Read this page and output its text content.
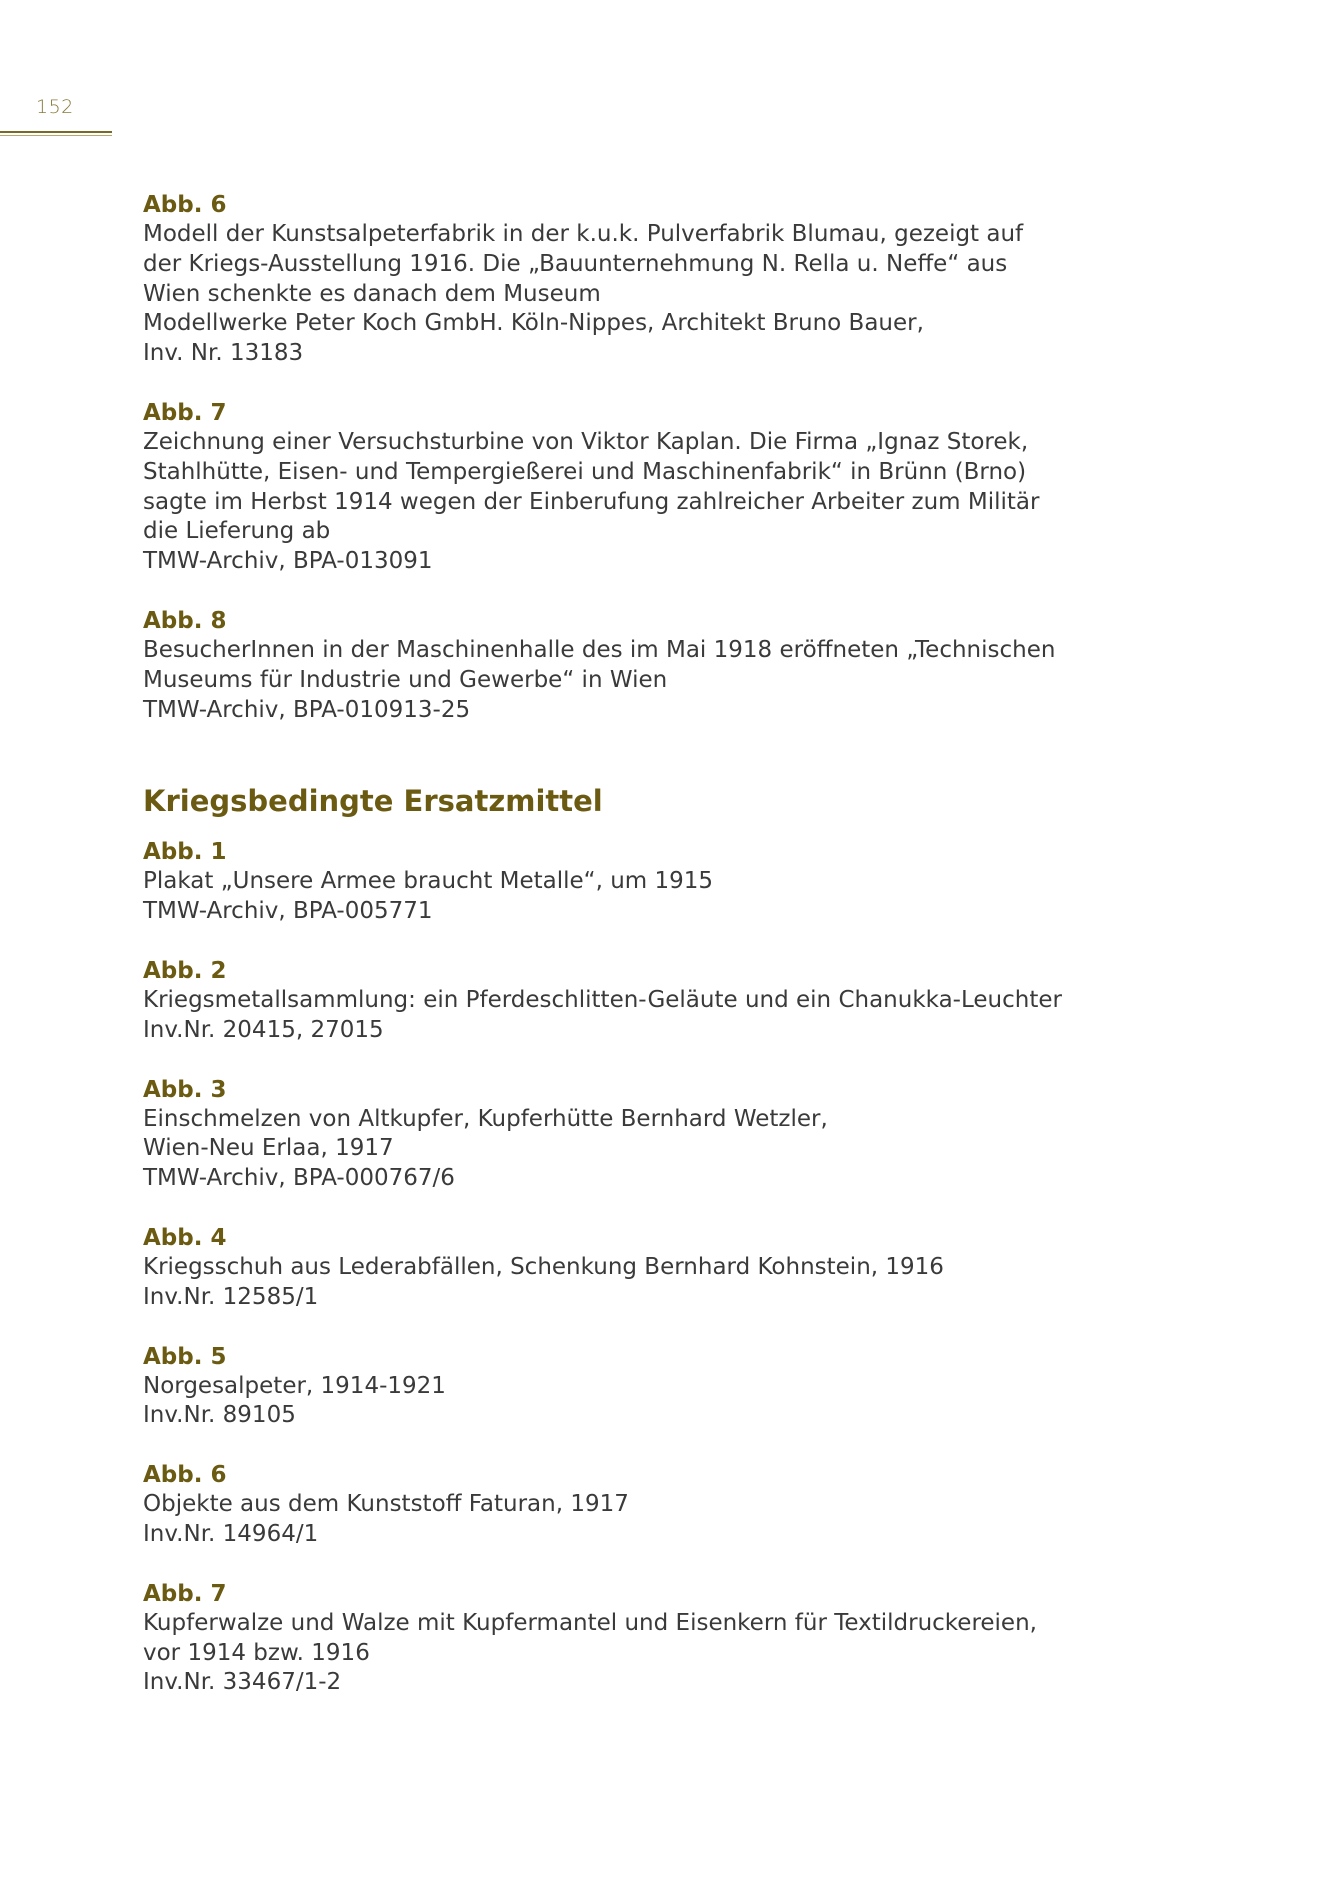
152

Abb. 6

Modell der Kunstsalpeterfabrik in der k.u.k. Pulverfabrik Blumau, gezeigt auf
der Kriegs-Ausstellung 1916. Die „Bauunternehmung N. Rella u. Neffe“ aus
Wien schenkte es danach dem Museum
Modellwerke Peter Koch GmbH. Köln-Nippes, Architekt Bruno Bauer,
Inv. Nr. 13183

Abb. 7

Zeichnung einer Versuchsturbine von Viktor Kaplan. Die Firma „Ignaz Storek,
Stahlhütte, Eisen- und Tempergießerei und Maschinenfabrik“ in Brünn (Brno)
sagte im Herbst 1914 wegen der Einberufung zahlreicher Arbeiter zum Militär
die Lieferung ab
TMW-Archiv, BPA-013091

Abb. 8

BesucherInnen in der Maschinenhalle des im Mai 1918 eröffneten „Technischen
Museums für Industrie und Gewerbe“ in Wien
TMW-Archiv, BPA-010913-25

Kriegsbedingte Ersatzmittel

Abb. 1

Plakat „Unsere Armee braucht Metalle“, um 1915
TMW-Archiv, BPA-005771

Abb. 2

Kriegsmetallsammlung: ein Pferdeschlitten-Geläute und ein Chanukka-Leuchter
Inv.Nr. 20415, 27015

Abb. 3

Einschmelzen von Altkupfer, Kupferhütte Bernhard Wetzler,
Wien-Neu Erlaa, 1917
TMW-Archiv, BPA-000767/6

Abb. 4

Kriegsschuh aus Lederabfällen, Schenkung Bernhard Kohnstein, 1916
Inv.Nr. 12585/1

Abb. 5

Norgesalpeter, 1914-1921
Inv.Nr. 89105

Abb. 6

Objekte aus dem Kunststoff Faturan, 1917
Inv.Nr. 14964/1

Abb. 7

Kupferwalze und Walze mit Kupfermantel und Eisenkern für Textildruckereien,
vor 1914 bzw. 1916
Inv.Nr. 33467/1-2
